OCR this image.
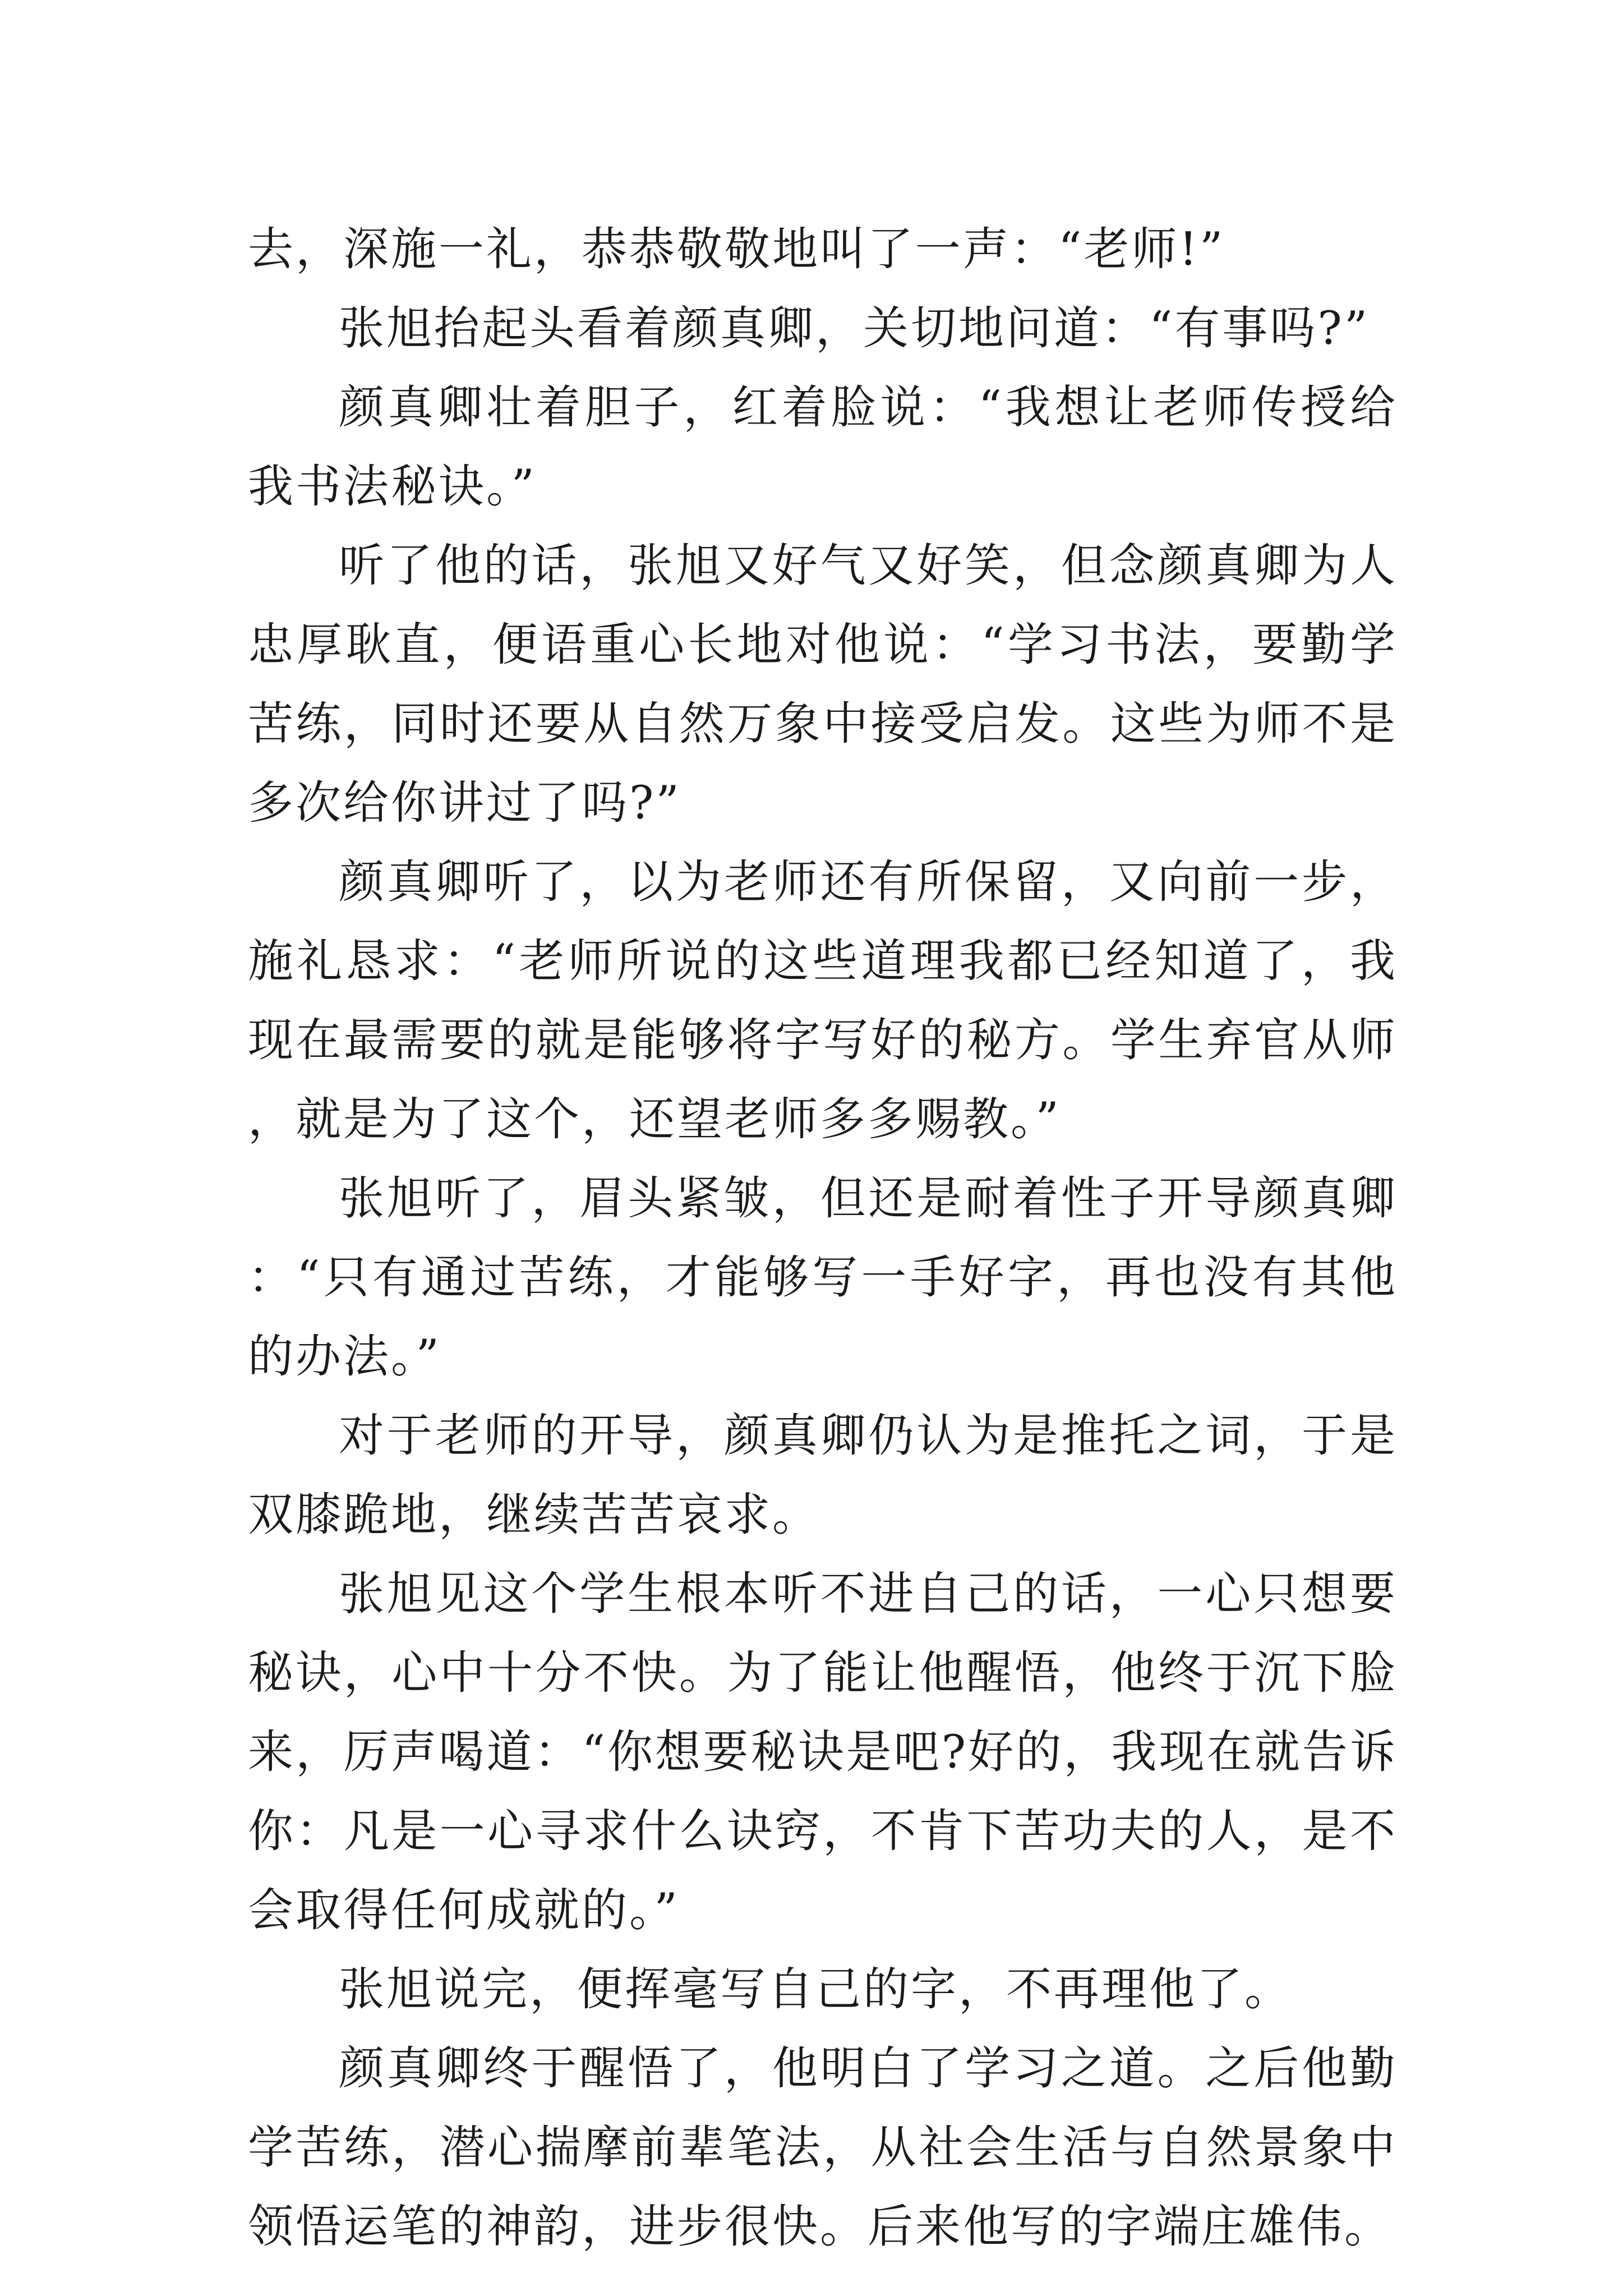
去，深施一礼，恭恭敬敬地叫了一声：“老师!”

张旭抬起头看着颜真卿，关切地问道：“有事吗?”

颜真卿壮着胆子，红着脸说：“我想让老师传授给我书法秘诀。”

听了他的话，张旭又好气又好笑，但念颜真卿为人忠厚耿直，便语重心长地对他说：“学习书法，要勤学苦练，同时还要从自然万象中接受启发。这些为师不是多次给你讲过了吗?”

颜真卿听了，以为老师还有所保留，又向前一步，施礼恳求：“老师所说的这些道理我都已经知道了，我现在最需要的就是能够将字写好的秘方。学生弃官从师，就是为了这个，还望老师多多赐教。”

张旭听了，眉头紧皱，但还是耐着性子开导颜真卿：“只有通过苦练，才能够写一手好字，再也没有其他的办法。”

对于老师的开导，颜真卿仍认为是推托之词，于是双膝跪地，继续苦苦哀求。

张旭见这个学生根本听不进自己的话，一心只想要秘诀，心中十分不快。为了能让他醒悟，他终于沉下脸来，厉声喝道：“你想要秘诀是吧?好的，我现在就告诉你：凡是一心寻求什么诀窍，不肯下苦功夫的人，是不会取得任何成就的。”

张旭说完，便挥毫写自己的字，不再理他了。

颜真卿终于醒悟了，他明白了学习之道。之后他勤学苦练，潜心揣摩前辈笔法，从社会生活与自然景象中领悟运笔的神韵，进步很快。后来他写的字端庄雄伟。
